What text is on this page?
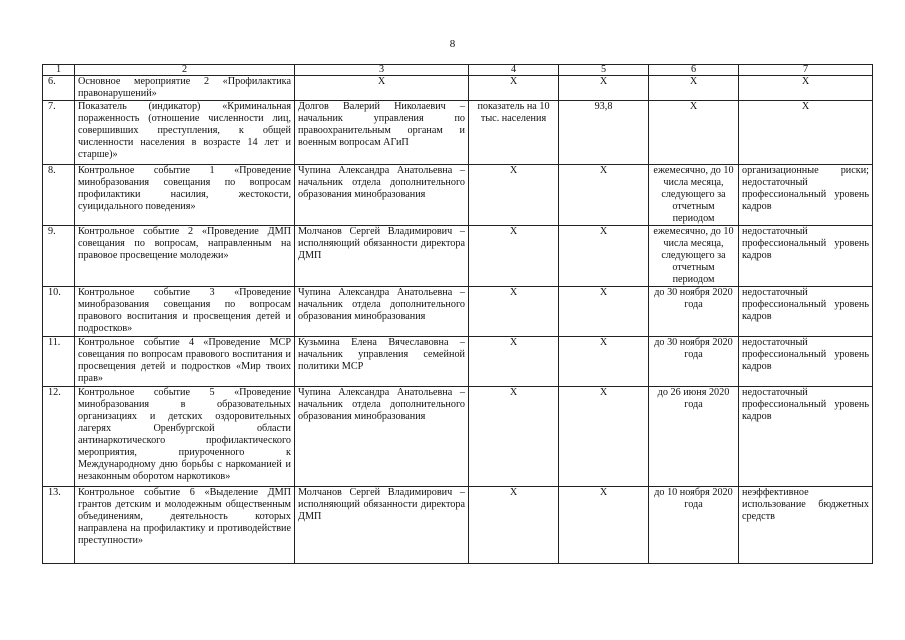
8
1	2	3	4	5	6	7
6.	Основное мероприятие 2 «Профилактика правонарушений»	Х	Х	Х	Х	Х
7.	Показатель (индикатор) «Криминальная пораженность (отношение численности лиц, совершивших преступления, к общей численности населения в возрасте 14 лет и старше)»	Долгов Валерий Николаевич – начальник управления по правоохранительным органам и военным вопросам АГиП	показатель на 10 тыс. населения	93,8	Х	Х
8.	Контрольное событие 1 «Проведение минобразования совещания по вопросам профилактики насилия, жестокости, суицидального поведения»	Чупина Александра Анатольевна – начальник отдела дополнительного образования минобразования	Х	Х	ежемесячно, до 10 числа месяца, следующего за отчетным периодом	организационные риски; недостаточный профессиональный уровень кадров
9.	Контрольное событие 2 «Проведение ДМП совещания по вопросам, направленным на правовое просвещение молодежи»	Молчанов Сергей Владимирович – исполняющий обязанности директора ДМП	Х	Х	ежемесячно, до 10 числа месяца, следующего за отчетным периодом	недостаточный профессиональный уровень кадров
10.	Контрольное событие 3 «Проведение минобразования совещания по вопросам правового воспитания и просвещения детей и подростков»	Чупина Александра Анатольевна – начальник отдела дополнительного образования минобразования	Х	Х	до 30 ноября 2020 года	недостаточный профессиональный уровень кадров
11.	Контрольное событие 4 «Проведение МСР совещания по вопросам правового воспитания и просвещения детей и подростков «Мир твоих прав»	Кузьмина Елена Вячеславовна – начальник управления семейной политики МСР	Х	Х	до 30 ноября 2020 года	недостаточный профессиональный уровень кадров
12.	Контрольное событие 5 «Проведение минобразования в образовательных организациях и детских оздоровительных лагерях Оренбургской области антинаркотического профилактического мероприятия, приуроченного к Международному дню борьбы с наркоманией и незаконным оборотом наркотиков»	Чупина Александра Анатольевна – начальник отдела дополнительного образования минобразования	Х	Х	до 26 июня 2020 года	недостаточный профессиональный уровень кадров
13.	Контрольное событие 6 «Выделение ДМП грантов детским и молодежным общественным объединениям, деятельность которых направлена на профилактику и противодействие преступности»	Молчанов Сергей Владимирович – исполняющий обязанности директора ДМП	Х	Х	до 10 ноября 2020 года	неэффективное использование бюджетных средств
